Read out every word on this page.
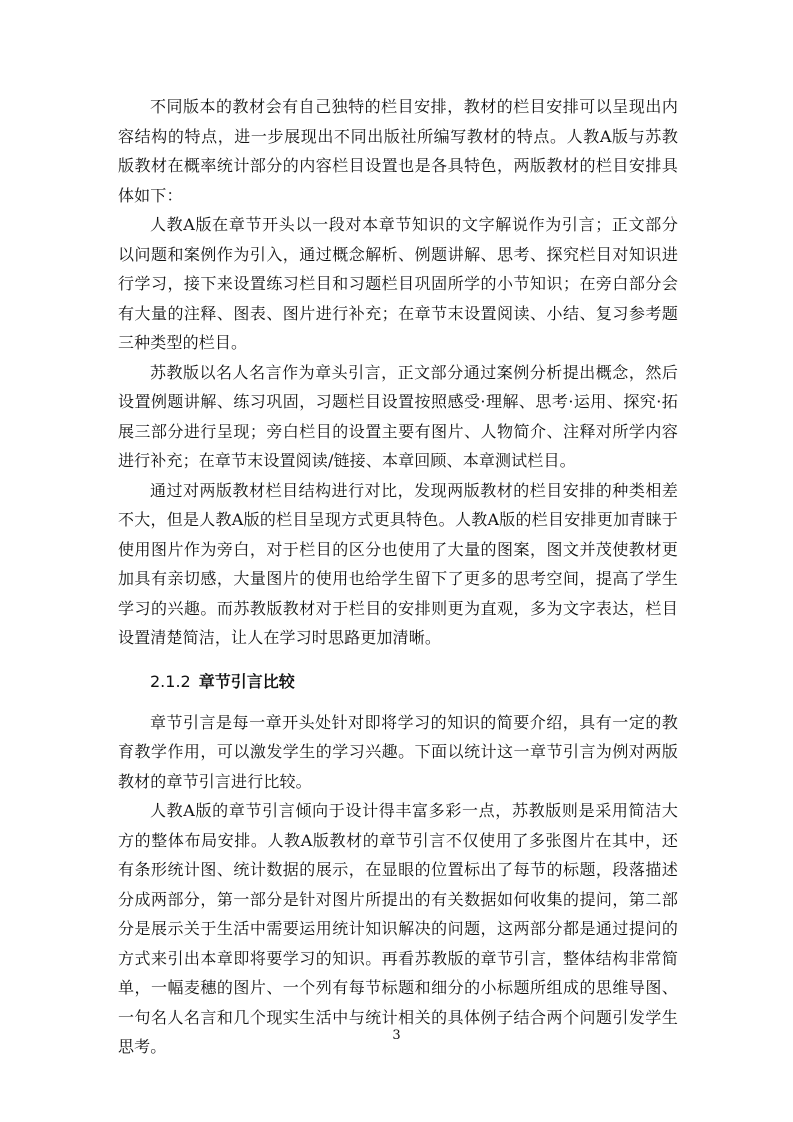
不同版本的教材会有自己独特的栏目安排，教材的栏目安排可以呈现出内容结构的特点，进一步展现出不同出版社所编写教材的特点。人教A版与苏教版教材在概率统计部分的内容栏目设置也是各具特色，两版教材的栏目安排具体如下：

人教A版在章节开头以一段对本章节知识的文字解说作为引言；正文部分以问题和案例作为引入，通过概念解析、例题讲解、思考、探究栏目对知识进行学习，接下来设置练习栏目和习题栏目巩固所学的小节知识；在旁白部分会有大量的注释、图表、图片进行补充；在章节末设置阅读、小结、复习参考题三种类型的栏目。

苏教版以名人名言作为章头引言，正文部分通过案例分析提出概念，然后设置例题讲解、练习巩固，习题栏目设置按照感受·理解、思考·运用、探究·拓展三部分进行呈现；旁白栏目的设置主要有图片、人物简介、注释对所学内容进行补充；在章节末设置阅读/链接、本章回顾、本章测试栏目。

通过对两版教材栏目结构进行对比，发现两版教材的栏目安排的种类相差不大，但是人教A版的栏目呈现方式更具特色。人教A版的栏目安排更加青睐于使用图片作为旁白，对于栏目的区分也使用了大量的图案，图文并茂使教材更加具有亲切感，大量图片的使用也给学生留下了更多的思考空间，提高了学生学习的兴趣。而苏教版教材对于栏目的安排则更为直观，多为文字表达，栏目设置清楚简洁，让人在学习时思路更加清晰。

2.1.2 章节引言比较

章节引言是每一章开头处针对即将学习的知识的简要介绍，具有一定的教育教学作用，可以激发学生的学习兴趣。下面以统计这一章节引言为例对两版教材的章节引言进行比较。

人教A版的章节引言倾向于设计得丰富多彩一点，苏教版则是采用简洁大方的整体布局安排。人教A版教材的章节引言不仅使用了多张图片在其中，还有条形统计图、统计数据的展示，在显眼的位置标出了每节的标题，段落描述分成两部分，第一部分是针对图片所提出的有关数据如何收集的提问，第二部分是展示关于生活中需要运用统计知识解决的问题，这两部分都是通过提问的方式来引出本章即将要学习的知识。再看苏教版的章节引言，整体结构非常简单，一幅麦穗的图片、一个列有每节标题和细分的小标题所组成的思维导图、一句名人名言和几个现实生活中与统计相关的具体例子结合两个问题引发学生思考。

3
